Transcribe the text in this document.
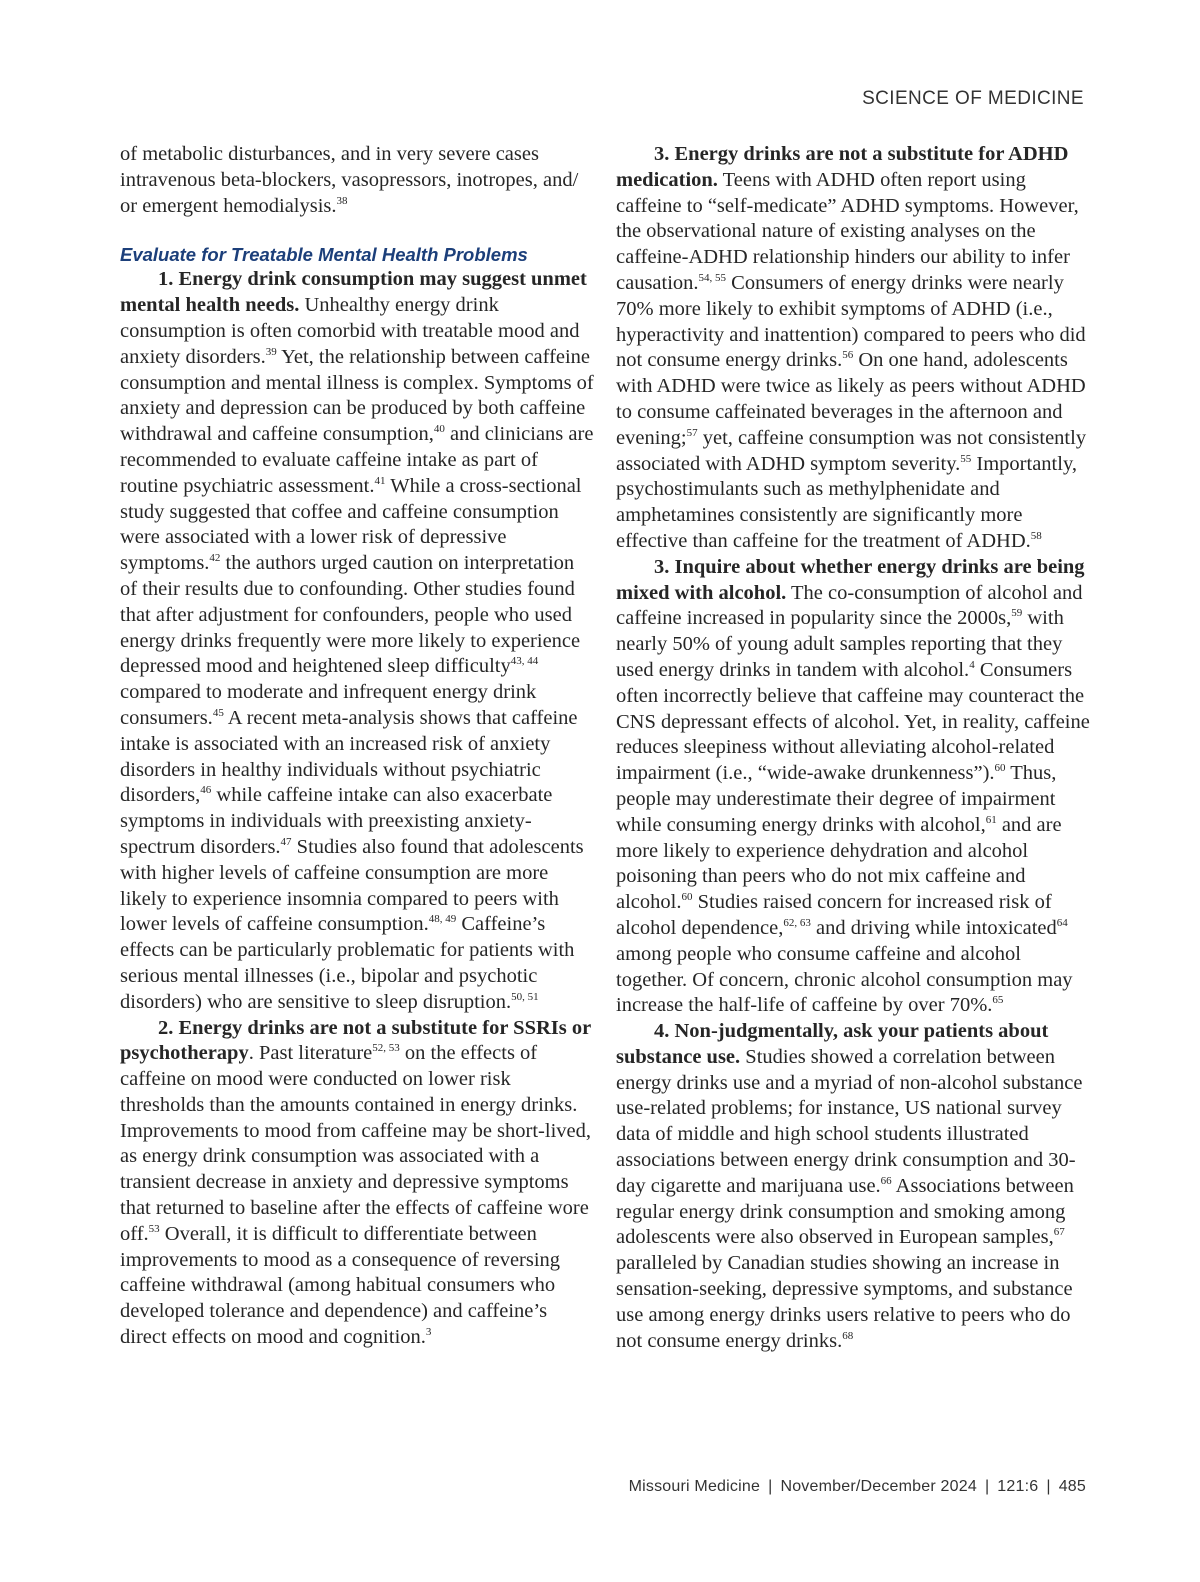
SCIENCE OF MEDICINE

of metabolic disturbances, and in very severe cases intravenous beta-blockers, vasopressors, inotropes, and/ or emergent hemodialysis.$^{38}$

Evaluate for Treatable Mental Health Problems

1. Energy drink consumption may suggest unmet mental health needs. Unhealthy energy drink consumption is often comorbid with treatable mood and anxiety disorders.$^{39}$ Yet, the relationship between caffeine consumption and mental illness is complex. Symptoms of anxiety and depression can be produced by both caffeine withdrawal and caffeine consumption,$^{40}$ and clinicians are recommended to evaluate caffeine intake as part of routine psychiatric assessment.$^{41}$ While a cross-sectional study suggested that coffee and caffeine consumption were associated with a lower risk of depressive symptoms.$^{42}$ the authors urged caution on interpretation of their results due to confounding. Other studies found that after adjustment for confounders, people who used energy drinks frequently were more likely to experience depressed mood and heightened sleep difficulty$^{43, 44}$ compared to moderate and infrequent energy drink consumers.$^{45}$ A recent meta-analysis shows that caffeine intake is associated with an increased risk of anxiety disorders in healthy individuals without psychiatric disorders,$^{46}$ while caffeine intake can also exacerbate symptoms in individuals with preexisting anxiety-spectrum disorders.$^{47}$ Studies also found that adolescents with higher levels of caffeine consumption are more likely to experience insomnia compared to peers with lower levels of caffeine consumption.$^{48, 49}$ Caffeine’s effects can be particularly problematic for patients with serious mental illnesses (i.e., bipolar and psychotic disorders) who are sensitive to sleep disruption.$^{50, 51}$

2. Energy drinks are not a substitute for SSRIs or psychotherapy. Past literature$^{52, 53}$ on the effects of caffeine on mood were conducted on lower risk thresholds than the amounts contained in energy drinks. Improvements to mood from caffeine may be short-lived, as energy drink consumption was associated with a transient decrease in anxiety and depressive symptoms that returned to baseline after the effects of caffeine wore off.$^{53}$ Overall, it is difficult to differentiate between improvements to mood as a consequence of reversing caffeine withdrawal (among habitual consumers who developed tolerance and dependence) and caffeine’s direct effects on mood and cognition.$^3$

3. Energy drinks are not a substitute for ADHD medication. Teens with ADHD often report using caffeine to “self-medicate” ADHD symptoms. However, the observational nature of existing analyses on the caffeine-ADHD relationship hinders our ability to infer causation.$^{54, 55}$ Consumers of energy drinks were nearly 70% more likely to exhibit symptoms of ADHD (i.e., hyperactivity and inattention) compared to peers who did not consume energy drinks.$^{56}$ On one hand, adolescents with ADHD were twice as likely as peers without ADHD to consume caffeinated beverages in the afternoon and evening;$^{57}$ yet, caffeine consumption was not consistently associated with ADHD symptom severity.$^{55}$ Importantly, psychostimulants such as methylphenidate and amphetamines consistently are significantly more effective than caffeine for the treatment of ADHD.$^{58}$

3. Inquire about whether energy drinks are being mixed with alcohol. The co-consumption of alcohol and caffeine increased in popularity since the 2000s,$^{59}$ with nearly 50% of young adult samples reporting that they used energy drinks in tandem with alcohol.$^4$ Consumers often incorrectly believe that caffeine may counteract the CNS depressant effects of alcohol. Yet, in reality, caffeine reduces sleepiness without alleviating alcohol-related impairment (i.e., “wide-awake drunkenness”).$^{60}$ Thus, people may underestimate their degree of impairment while consuming energy drinks with alcohol,$^{61}$ and are more likely to experience dehydration and alcohol poisoning than peers who do not mix caffeine and alcohol.$^{60}$ Studies raised concern for increased risk of alcohol dependence,$^{62, 63}$ and driving while intoxicated$^{64}$ among people who consume caffeine and alcohol together. Of concern, chronic alcohol consumption may increase the half-life of caffeine by over 70%.$^{65}$

4. Non-judgmentally, ask your patients about substance use. Studies showed a correlation between energy drinks use and a myriad of non-alcohol substance use-related problems; for instance, US national survey data of middle and high school students illustrated associations between energy drink consumption and 30-day cigarette and marijuana use.$^{66}$ Associations between regular energy drink consumption and smoking among adolescents were also observed in European samples,$^{67}$ paralleled by Canadian studies showing an increase in sensation-seeking, depressive symptoms, and substance use among energy drinks users relative to peers who do not consume energy drinks.$^{68}$

Missouri Medicine | November/December 2024 | 121:6 | 485
